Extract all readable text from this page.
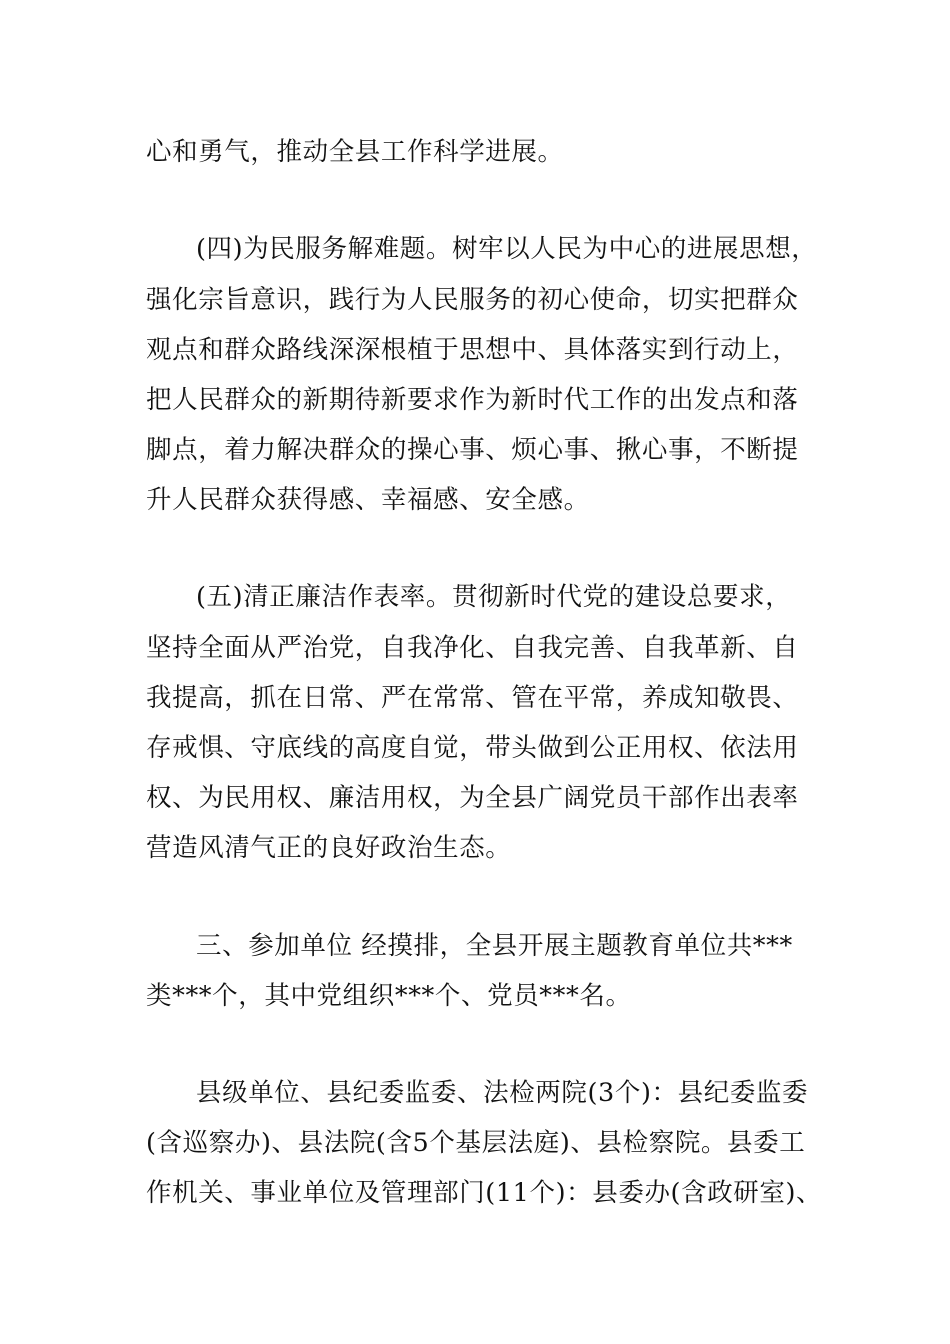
心和勇气，推动全县工作科学进展。
(四)为民服务解难题。树牢以人民为中心的进展思想，
强化宗旨意识，践行为人民服务的初心使命，切实把群众
观点和群众路线深深根植于思想中、具体落实到行动上，
把人民群众的新期待新要求作为新时代工作的出发点和落
脚点，着力解决群众的操心事、烦心事、揪心事，不断提
升人民群众获得感、幸福感、安全感。
(五)清正廉洁作表率。贯彻新时代党的建设总要求，
坚持全面从严治党，自我净化、自我完善、自我革新、自
我提高，抓在日常、严在常常、管在平常，养成知敬畏、
存戒惧、守底线的高度自觉，带头做到公正用权、依法用
权、为民用权、廉洁用权，为全县广阔党员干部作出表率
营造风清气正的良好政治生态。
三、参加单位 经摸排，全县开展主题教育单位共***
类***个，其中党组织***个、党员***名。
县级单位、县纪委监委、法检两院(3个)：县纪委监委
(含巡察办)、县法院(含5个基层法庭)、县检察院。县委工
作机关、事业单位及管理部门(11个)：县委办(含政研室)、
